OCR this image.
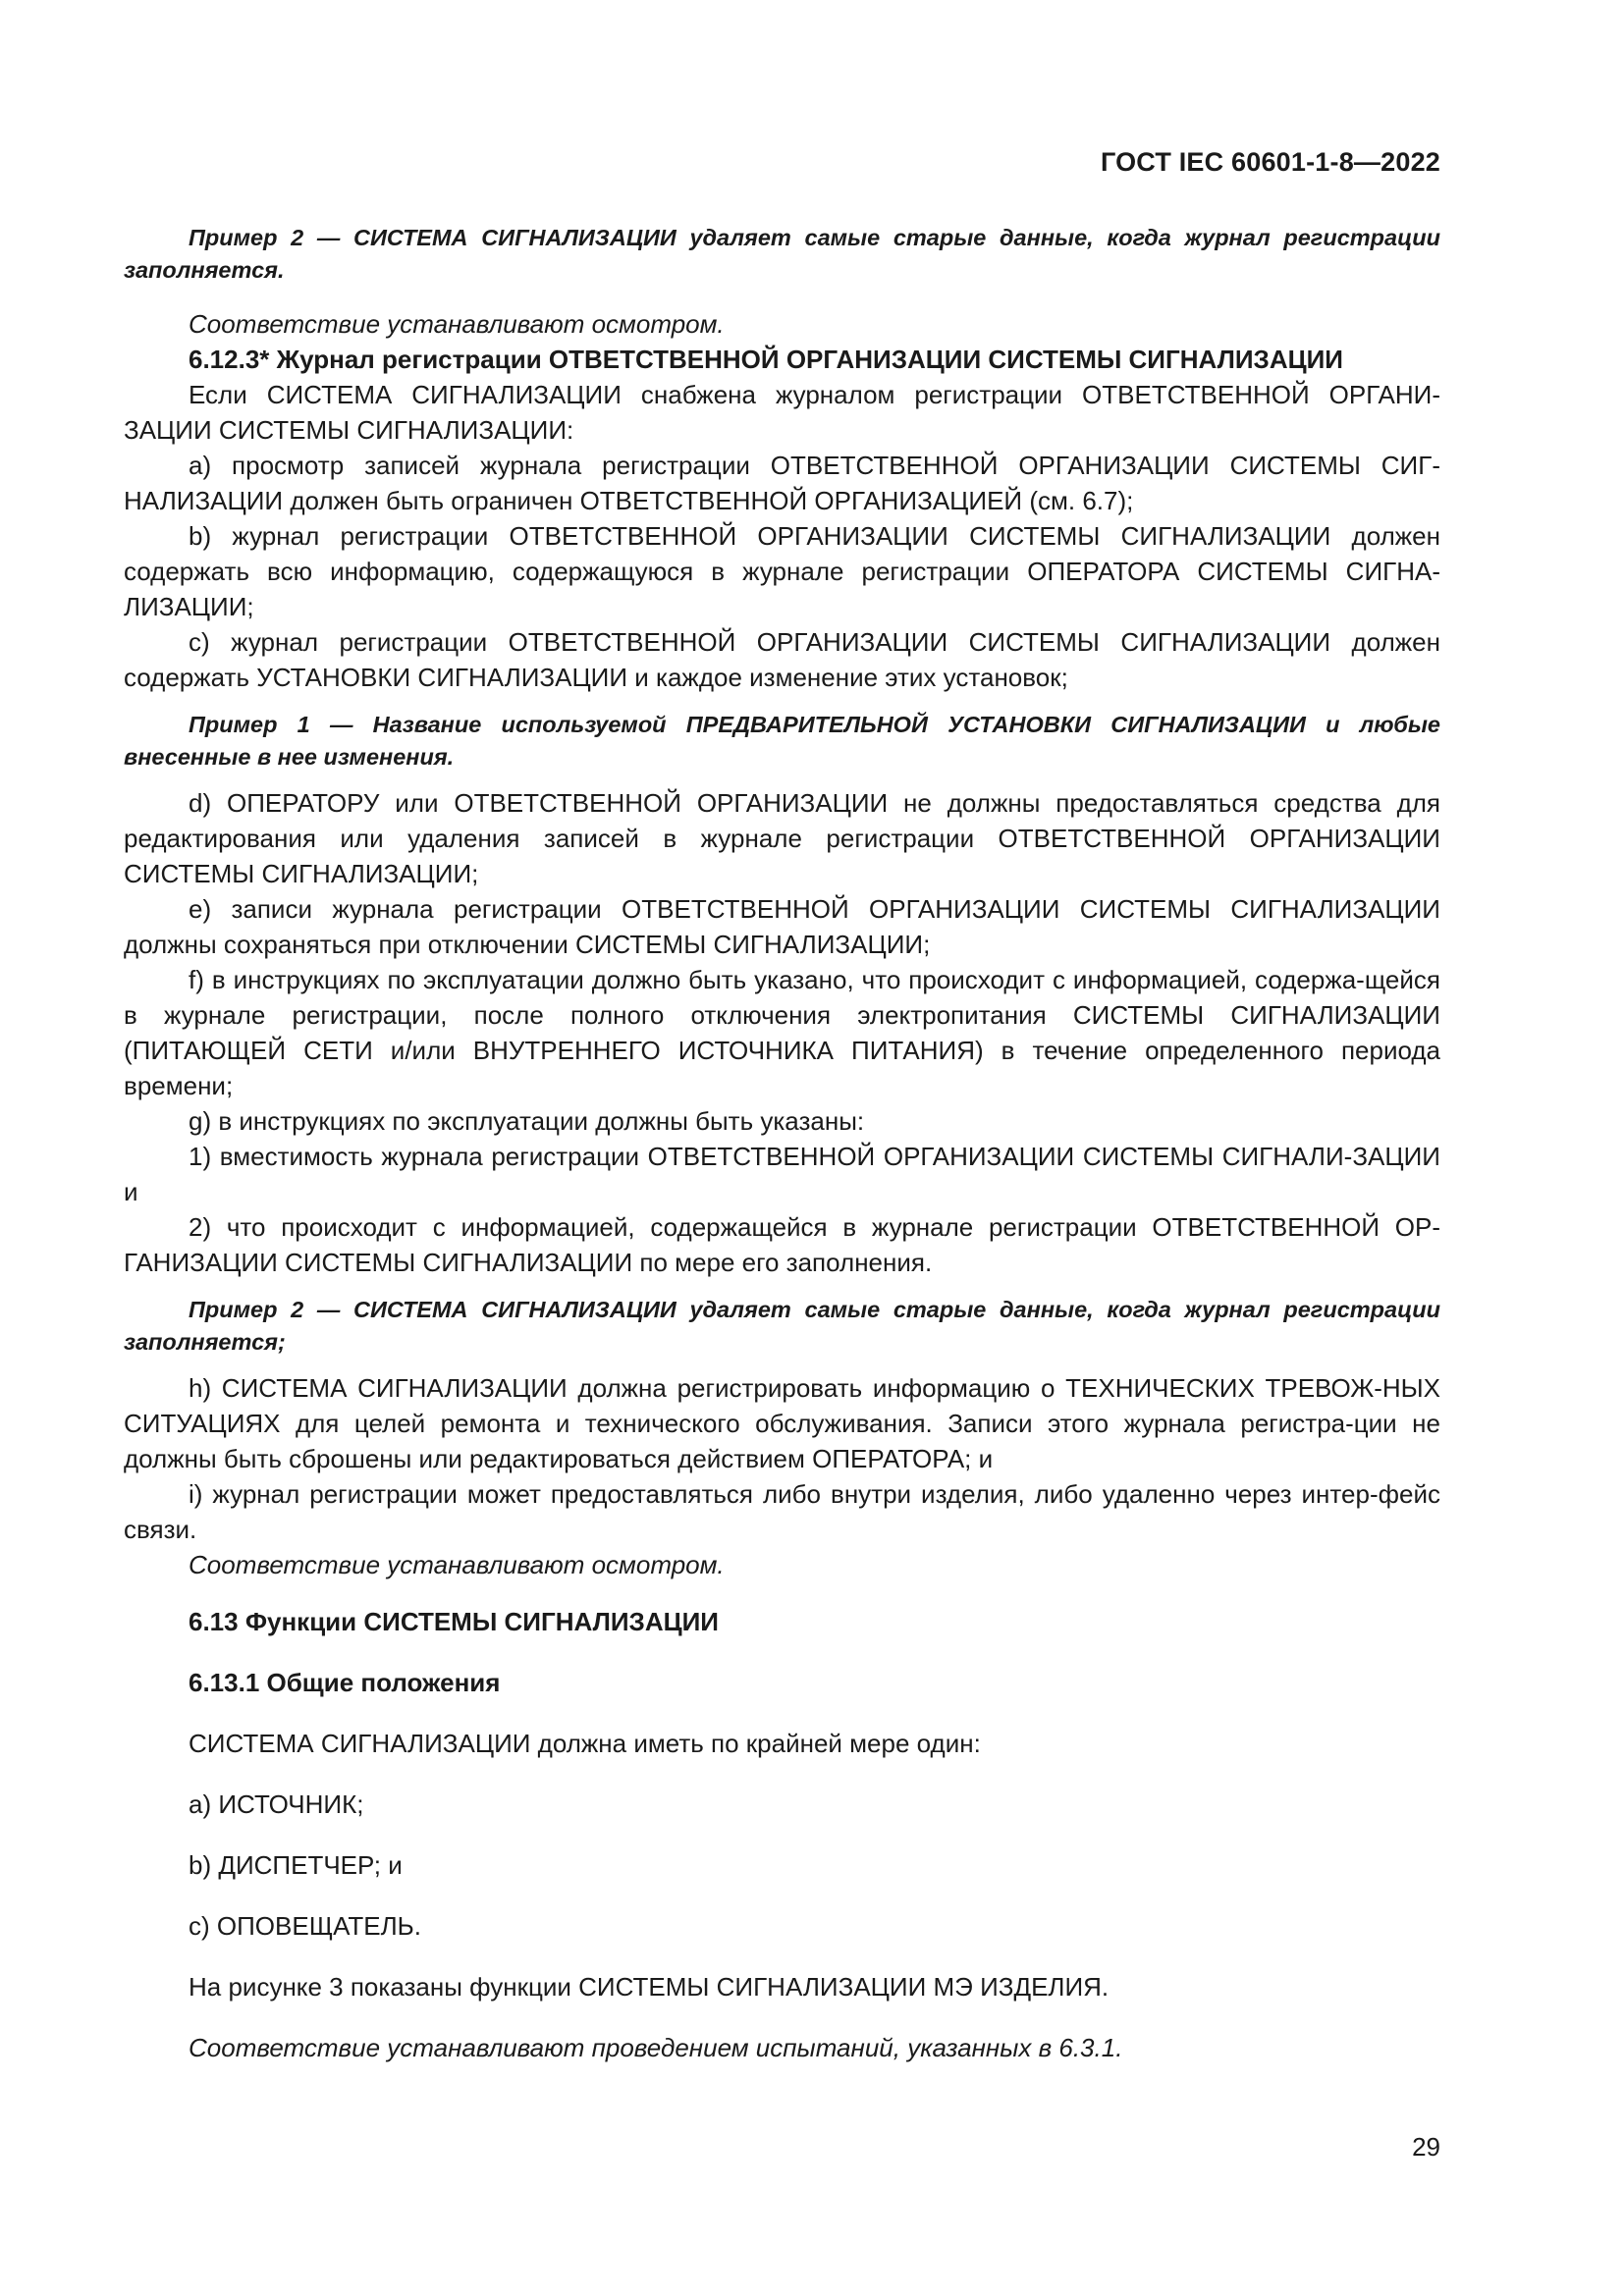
ГОСТ IEC 60601-1-8—2022

Пример 2 — СИСТЕМА СИГНАЛИЗАЦИИ удаляет самые старые данные, когда журнал регистрации заполняется.

Соответствие устанавливают осмотром.

6.12.3* Журнал регистрации ОТВЕТСТВЕННОЙ ОРГАНИЗАЦИИ СИСТЕМЫ СИГНАЛИЗАЦИИ

Если СИСТЕМА СИГНАЛИЗАЦИИ снабжена журналом регистрации ОТВЕТСТВЕННОЙ ОРГАНИ-ЗАЦИИ СИСТЕМЫ СИГНАЛИЗАЦИИ:

a) просмотр записей журнала регистрации ОТВЕТСТВЕННОЙ ОРГАНИЗАЦИИ СИСТЕМЫ СИГ-НАЛИЗАЦИИ должен быть ограничен ОТВЕТСТВЕННОЙ ОРГАНИЗАЦИЕЙ (см. 6.7);

b) журнал регистрации ОТВЕТСТВЕННОЙ ОРГАНИЗАЦИИ СИСТЕМЫ СИГНАЛИЗАЦИИ должен содержать всю информацию, содержащуюся в журнале регистрации ОПЕРАТОРА СИСТЕМЫ СИГНА-ЛИЗАЦИИ;

c) журнал регистрации ОТВЕТСТВЕННОЙ ОРГАНИЗАЦИИ СИСТЕМЫ СИГНАЛИЗАЦИИ должен содержать УСТАНОВКИ СИГНАЛИЗАЦИИ и каждое изменение этих установок;

Пример 1 — Название используемой ПРЕДВАРИТЕЛЬНОЙ УСТАНОВКИ СИГНАЛИЗАЦИИ и любые внесенные в нее изменения.

d) ОПЕРАТОРУ или ОТВЕТСТВЕННОЙ ОРГАНИЗАЦИИ не должны предоставляться средства для редактирования или удаления записей в журнале регистрации ОТВЕТСТВЕННОЙ ОРГАНИЗАЦИИ СИСТЕМЫ СИГНАЛИЗАЦИИ;

e) записи журнала регистрации ОТВЕТСТВЕННОЙ ОРГАНИЗАЦИИ СИСТЕМЫ СИГНАЛИЗАЦИИ должны сохраняться при отключении СИСТЕМЫ СИГНАЛИЗАЦИИ;

f) в инструкциях по эксплуатации должно быть указано, что происходит с информацией, содержа-щейся в журнале регистрации, после полного отключения электропитания СИСТЕМЫ СИГНАЛИЗАЦИИ (ПИТАЮЩЕЙ СЕТИ и/или ВНУТРЕННЕГО ИСТОЧНИКА ПИТАНИЯ) в течение определенного периода времени;

g) в инструкциях по эксплуатации должны быть указаны:

1) вместимость журнала регистрации ОТВЕТСТВЕННОЙ ОРГАНИЗАЦИИ СИСТЕМЫ СИГНАЛИ-ЗАЦИИ и

2) что происходит с информацией, содержащейся в журнале регистрации ОТВЕТСТВЕННОЙ ОР-ГАНИЗАЦИИ СИСТЕМЫ СИГНАЛИЗАЦИИ по мере его заполнения.

Пример 2 — СИСТЕМА СИГНАЛИЗАЦИИ удаляет самые старые данные, когда журнал регистрации заполняется;

h) СИСТЕМА СИГНАЛИЗАЦИИ должна регистрировать информацию о ТЕХНИЧЕСКИХ ТРЕВОЖ-НЫХ СИТУАЦИЯХ для целей ремонта и технического обслуживания. Записи этого журнала регистра-ции не должны быть сброшены или редактироваться действием ОПЕРАТОРА; и

i) журнал регистрации может предоставляться либо внутри изделия, либо удаленно через интер-фейс связи.

Соответствие устанавливают осмотром.

6.13 Функции СИСТЕМЫ СИГНАЛИЗАЦИИ

6.13.1 Общие положения

СИСТЕМА СИГНАЛИЗАЦИИ должна иметь по крайней мере один:

a) ИСТОЧНИК;

b) ДИСПЕТЧЕР; и

c) ОПОВЕЩАТЕЛЬ.

На рисунке 3 показаны функции СИСТЕМЫ СИГНАЛИЗАЦИИ МЭ ИЗДЕЛИЯ.

Соответствие устанавливают проведением испытаний, указанных в 6.3.1.

29
